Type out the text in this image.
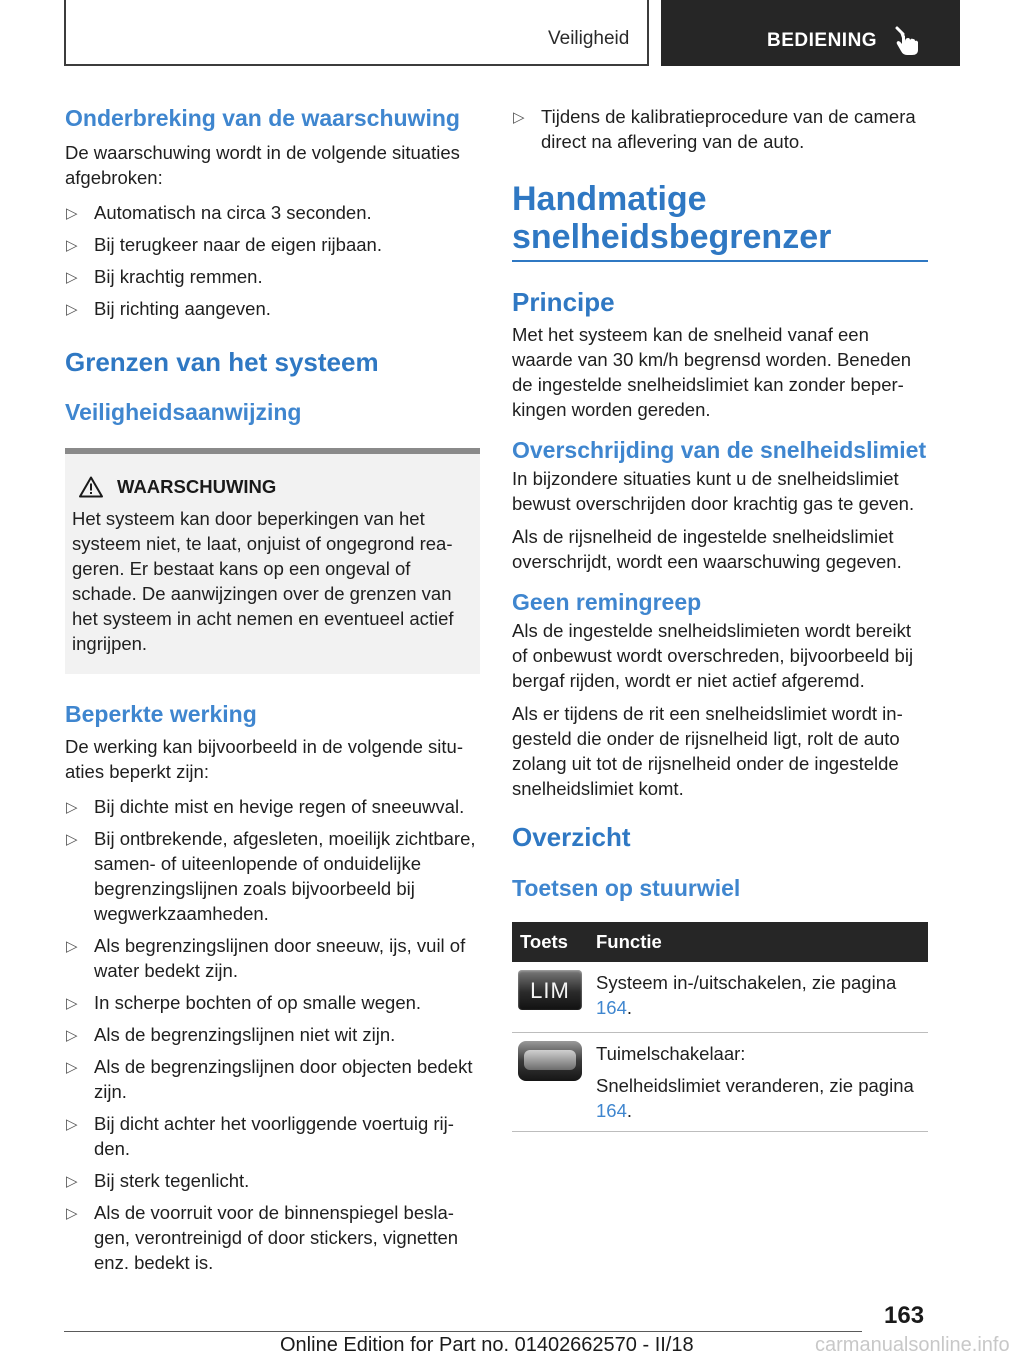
Veiligheid	BEDIENING
Onderbreking van de waarschuwing
De waarschuwing wordt in de volgende situaties afgebroken:
▷ Automatisch na circa 3 seconden.
▷ Bij terugkeer naar de eigen rijbaan.
▷ Bij krachtig remmen.
▷ Bij richting aangeven.
Grenzen van het systeem
Veiligheidsaanwijzing
WAARSCHUWING
Het systeem kan door beperkingen van het systeem niet, te laat, onjuist of ongegrond reageren. Er bestaat kans op een ongeval of schade. De aanwijzingen over de grenzen van het systeem in acht nemen en eventueel actief ingrijpen.
Beperkte werking
De werking kan bijvoorbeeld in de volgende situaties beperkt zijn:
▷ Bij dichte mist en hevige regen of sneeuwval.
▷ Bij ontbrekende, afgesleten, moeilijk zichtbare, samen- of uiteenlopende of onduidelijke begrenzingslijnen zoals bijvoorbeeld bij wegwerkzaamheden.
▷ Als begrenzingslijnen door sneeuw, ijs, vuil of water bedekt zijn.
▷ In scherpe bochten of op smalle wegen.
▷ Als de begrenzingslijnen niet wit zijn.
▷ Als de begrenzingslijnen door objecten bedekt zijn.
▷ Bij dicht achter het voorliggende voertuig rijden.
▷ Bij sterk tegenlicht.
▷ Als de voorruit voor de binnenspiegel beslagen, verontreinigd of door stickers, vignetten enz. bedekt is.
▷ Tijdens de kalibratieprocedure van de camera direct na aflevering van de auto.
Handmatige snelheidsbegrenzer
Principe
Met het systeem kan de snelheid vanaf een waarde van 30 km/h begrensd worden. Beneden de ingestelde snelheidslimiet kan zonder beperkingen worden gereden.
Overschrijding van de snelheidslimiet
In bijzondere situaties kunt u de snelheidslimiet bewust overschrijden door krachtig gas te geven.
Als de rijsnelheid de ingestelde snelheidslimiet overschrijdt, wordt een waarschuwing gegeven.
Geen remingreep
Als de ingestelde snelheidslimieten wordt bereikt of onbewust wordt overschreden, bijvoorbeeld bij bergaf rijden, wordt er niet actief afgeremd.
Als er tijdens de rit een snelheidslimiet wordt ingesteld die onder de rijsnelheid ligt, rolt de auto zolang uit tot de rijsnelheid onder de ingestelde snelheidslimiet komt.
Overzicht
Toetsen op stuurwiel
Toets	Functie

LIM	Systeem in-/uitschakelen, zie pagina 164.

	Tuimelschakelaar:
Snelheidslimiet veranderen, zie pagina 164.
163
Online Edition for Part no. 01402662570 - II/18	carmanualsonline.info
